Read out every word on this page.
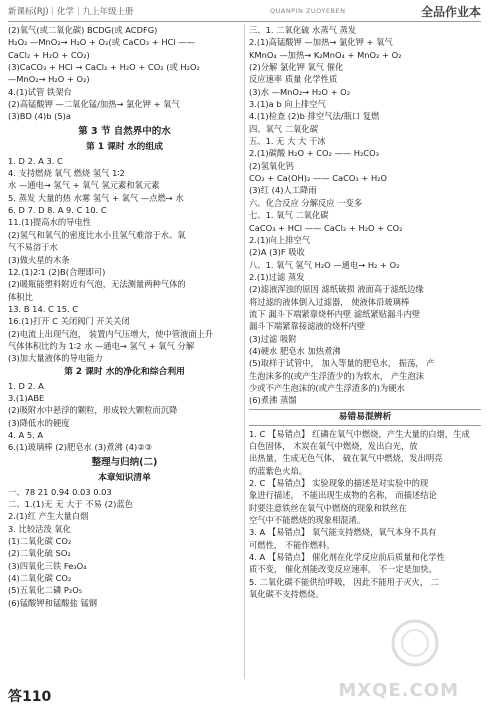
新课标(RJ)｜化学｜九上年级上册	QUANPIN ZUOYEBEN	全品作业本
(2)氧气(或二氧化碳) BCDG(或 ACDFG)
H₂O₂ —MnO₂→ H₂O + O₂(或 CaCO₃ + HCl ——
CaCl₂ + H₂O + CO₂)
(3)CaCO₃ + HCl → CaCl₂ + H₂O + CO₂ (或 H₂O₂
—MnO₂→ H₂O + O₂)
4.(1)试管 铁架台
(2)高锰酸钾 —二氧化锰/加热→ 氯化钾 + 氧气
(3)BD (4)b (5)a
第 3 节 自然界中的水
第 1 课时 水的组成
1. D 2. A 3. C
4. 支持燃烧 氧气 燃烧 氢气 1∶2
水 —通电→ 氢气 + 氧气 氢元素和氧元素
5. 蒸发 大量的热 水雾 氢气 + 氧气 —点燃→ 水
6. D 7. D 8. A 9. C 10. C
11.(1)提高水的导电性
(2)氢气和氧气的密度比水小且氢气难溶于水、氧
气不易溶于水
(3)做火星的木条
12.(1)2∶1 (2)B(合理即可)
(2)暖瓶能塑料附近有气泡，无法测量两种气体的
体积比
13. B 14. C 15. C
16.(1)打开 C 关闭阀门 开关关闭
(2)电流上出现气泡， 装置内气压增大，使中管液面上升
气体体积比约为 1∶2 水 —通电→ 氢气 + 氧气 分解
(3)加大量液体的导电能力
第 2 课时 水的净化和综合利用
1. D 2. A
3.(1)ABE
(2)吸附水中悬浮的颗粒，形成较大颗粒而沉降
(3)降低水的硬度
4. A 5. A
6.(1)玻璃棒 (2)肥皂水 (3)煮沸 (4)②③
整理与归纳(二)
本章知识清单
一、78 21 0.94 0.03 0.03
二、1.(1)无 无 大于 不易 (2)蓝色
2.(1)红 产生大量白烟
3. 比较活泼 氧化
(1)二氧化碳 CO₂
(2)二氧化硫 SO₂
(3)四氧化三铁 Fe₃O₄
(4)二氧化碳 CO₂
(5)五氧化二磷 P₂O₅
(6)锰酸钾和锰酸盐 锰钢
三、1. 二氧化硫 水蒸气 蒸发
2.(1)高锰酸钾 —加热→ 氯化钾 + 氧气
KMnO₄ —加热→ K₂MnO₄ + MnO₂ + O₂
(2)分解 氯化钾 氧气 催化
反应速率 质量 化学性质
(3)水 —MnO₂→ H₂O + O₂
3.(1)a b 向上排空气
4.(1)检查 (2)b 排空气法/瓶口 复燃
四、氧气 二氧化碳
五、1. 无 大 大 干冰
2.(1)碳酸 H₂O + CO₂ —— H₂CO₃
(2)氢氧化钙
CO₂ + Ca(OH)₂ —— CaCO₃ + H₂O
(3)红 (4)人工降雨
六、化合反应 分解反应 一变多
七、1. 氧气 二氧化碳
CaCO₃ + HCl —— CaCl₂ + H₂O + CO₂
2.(1)向上排空气
(2)A (3)F 吸收
八、1. 氧气 氢气 H₂O —通电→ H₂ + O₂
2.(1)过滤 蒸发
(2)滤液浑浊的原因 滤纸破损 液面高于滤纸边缘
将过滤的液体倒入过滤器， 使液体沿玻璃棒
流下 漏斗下端紧靠烧杯内壁 滤纸紧贴漏斗内壁
漏斗下端紧靠接滤液的烧杯内壁
(3)过滤 吸附
(4)硬水 肥皂水 加热煮沸
(5)取样于试管中， 加入等量的肥皂水， 振荡， 产
生泡沫多的(或产生浮渣少的)为软水， 产生泡沫
少或不产生泡沫的(或产生浮渣多的)为硬水
(6)煮沸 蒸馏
易错易混辨析
1. C 【易错点】 红磷在氧气中燃烧，产生大量的白烟，生成
白色固体， 木炭在氧气中燃烧，发出白光，放
出热量，生成无色气体， 硫在氧气中燃烧，发出明亮
的蓝紫色火焰。
2. C 【易错点】 实验现象的描述是对实验中的现
象进行描述， 不能出现生成物的名称， 而描述结论
时要注意铁丝在氧气中燃烧的现象和铁丝在
空气中不能燃烧的现象相混淆。
3. A 【易错点】 氧气能支持燃烧，氧气本身不具有
可燃性， 不能作燃料。
4. A 【易错点】 催化剂在化学反应前后质量和化学性
质不变， 催化剂能改变反应速率， 不一定是加快。
5. 二氧化碳不能供给呼吸， 因此不能用于灭火， 二
氧化碳不支持燃烧。
答110	MXQE.COM
